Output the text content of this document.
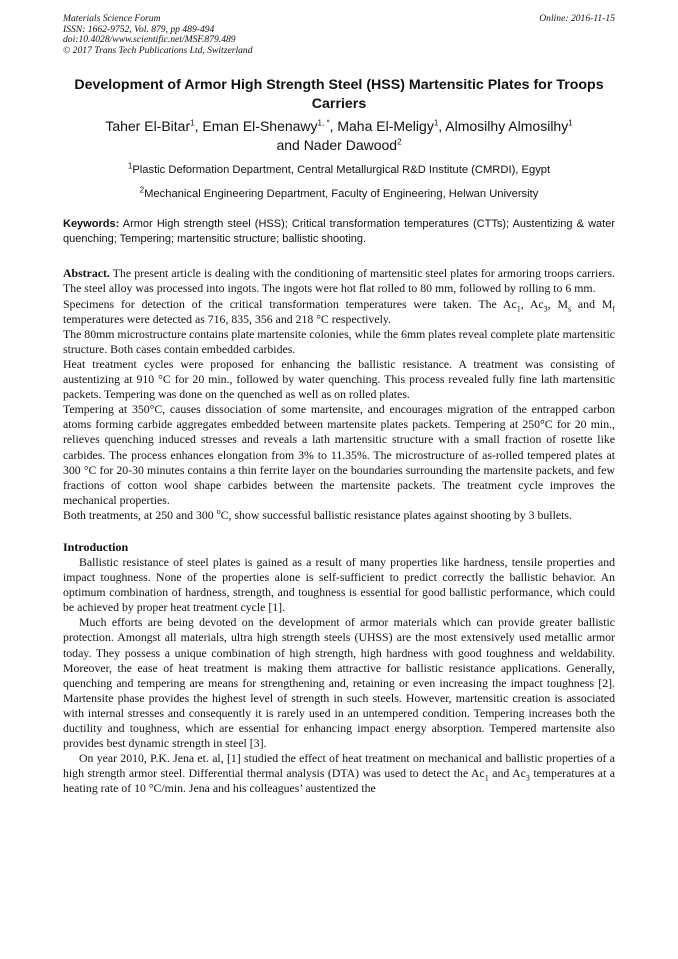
Materials Science Forum
ISSN: 1662-9752, Vol. 879, pp 489-494
doi:10.4028/www.scientific.net/MSF.879.489
© 2017 Trans Tech Publications Ltd, Switzerland
Online: 2016-11-15
Development of Armor High Strength Steel (HSS) Martensitic Plates for Troops Carriers
Taher El-Bitar$^1$, Eman El-Shenawy$^{1, *}$, Maha El-Meligy$^1$, Almosilhy Almosilhy$^1$
and Nader Dawood$^2$
$^1$Plastic Deformation Department, Central Metallurgical R&D Institute (CMRDI), Egypt
$^2$Mechanical Engineering Department, Faculty of Engineering, Helwan University
Keywords: Armor High strength steel (HSS); Critical transformation temperatures (CTTs); Austentizing & water quenching; Tempering; martensitic structure; ballistic shooting.

Abstract. The present article is dealing with the conditioning of martensitic steel plates for armoring troops carriers. The steel alloy was processed into ingots. The ingots were hot flat rolled to 80 mm, followed by rolling to 6 mm.

Specimens for detection of the critical transformation temperatures were taken. The $Ac_1$, $Ac_3$, $M_s$ and $M_f$ temperatures were detected as 716, 835, 356 and 218 °C respectively.

The 80mm microstructure contains plate martensite colonies, while the 6mm plates reveal complete plate martensitic structure. Both cases contain embedded carbides.

Heat treatment cycles were proposed for enhancing the ballistic resistance. A treatment was consisting of austentizing at 910 °C for 20 min., followed by water quenching. This process revealed fully fine lath martensitic packets. Tempering was done on the quenched as well as on rolled plates.

Tempering at 350°C, causes dissociation of some martensite, and encourages migration of the entrapped carbon atoms forming carbide aggregates embedded between martensite plates packets. Tempering at 250°C for 20 min., relieves quenching induced stresses and reveals a lath martensitic structure with a small fraction of rosette like carbides. The process enhances elongation from 3% to 11.35%. The microstructure of as-rolled tempered plates at 300 °C for 20-30 minutes contains a thin ferrite layer on the boundaries surrounding the martensite packets, and few fractions of cotton wool shape carbides between the martensite packets. The treatment cycle improves the mechanical properties.

Both treatments, at 250 and 300 $^o$C, show successful ballistic resistance plates against shooting by 3 bullets.

Introduction

Ballistic resistance of steel plates is gained as a result of many properties like hardness, tensile properties and impact toughness. None of the properties alone is self-sufficient to predict correctly the ballistic behavior. An optimum combination of hardness, strength, and toughness is essential for good ballistic performance, which could be achieved by proper heat treatment cycle [1].

Much efforts are being devoted on the development of armor materials which can provide greater ballistic protection. Amongst all materials, ultra high strength steels (UHSS) are the most extensively used metallic armor today. They possess a unique combination of high strength, high hardness with good toughness and weldability. Moreover, the ease of heat treatment is making them attractive for ballistic resistance applications. Generally, quenching and tempering are means for strengthening and, retaining or even increasing the impact toughness [2]. Martensite phase provides the highest level of strength in such steels. However, martensitic creation is associated with internal stresses and consequently it is rarely used in an untempered condition. Tempering increases both the ductility and toughness, which are essential for enhancing impact energy absorption. Tempered martensite also provides best dynamic strength in steel [3].

On year 2010, P.K. Jena et. al, [1] studied the effect of heat treatment on mechanical and ballistic properties of a high strength armor steel. Differential thermal analysis (DTA) was used to detect the $Ac_1$ and $Ac_3$ temperatures at a heating rate of 10 °C/min. Jena and his colleagues’ austentized the
